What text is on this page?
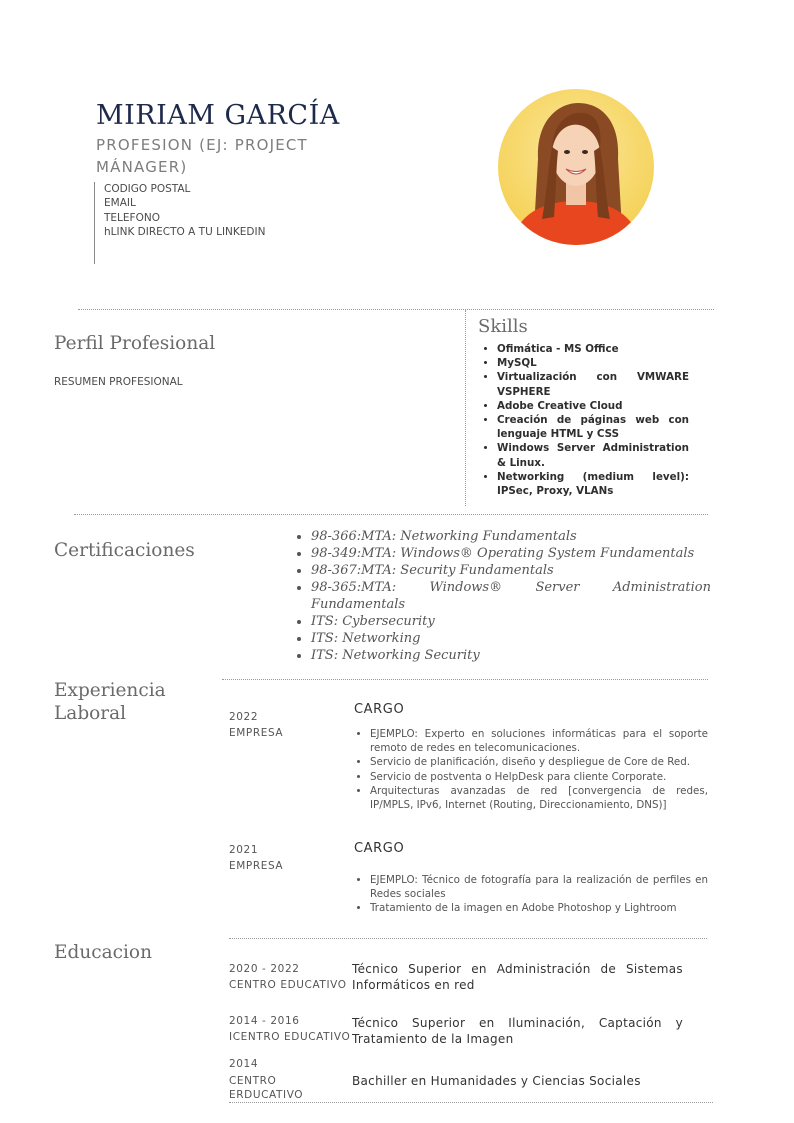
MIRIAM GARCÍA
PROFESION (EJ: PROJECT MÁNAGER)
CODIGO POSTAL
EMAIL
TELEFONO
hLINK DIRECTO A TU LINKEDIN
Perfil Profesional
RESUMEN PROFESIONAL
Skills
• Ofimática - MS Office
• MySQL
• Virtualización con VMWARE VSPHERE
• Adobe Creative Cloud
• Creación de páginas web con lenguaje HTML y CSS
• Windows Server Administration & Linux.
• Networking (medium level): IPSec, Proxy, VLANs
Certificaciones
• 98-366:MTA: Networking Fundamentals
• 98-349:MTA: Windows® Operating System Fundamentals
• 98-367:MTA: Security Fundamentals
• 98-365:MTA: Windows® Server Administration Fundamentals
• ITS: Cybersecurity
• ITS: Networking
• ITS: Networking Security
Experiencia Laboral	2022
EMPRESA
CARGO
• EJEMPLO: Experto en soluciones informáticas para el soporte remoto de redes en telecomunicaciones.
• Servicio de planificación, diseño y despliegue de Core de Red.
• Servicio de postventa o HelpDesk para cliente Corporate.
• Arquitecturas avanzadas de red [convergencia de redes, IP/MPLS, IPv6, Internet (Routing, Direccionamiento, DNS)]
2021
EMPRESA
CARGO
• EJEMPLO: Técnico de fotografía para la realización de perfiles en Redes sociales
• Tratamiento de la imagen en Adobe Photoshop y Lightroom
Educacion
2020 - 2022
CENTRO EDUCATIVO
Técnico Superior en Administración de Sistemas Informáticos en red
2014 - 2016
ICENTRO EDUCATIVO
Técnico Superior en Iluminación, Captación y Tratamiento de la Imagen
2014
CENTRO ERDUCATIVO
Bachiller en Humanidades y Ciencias Sociales
